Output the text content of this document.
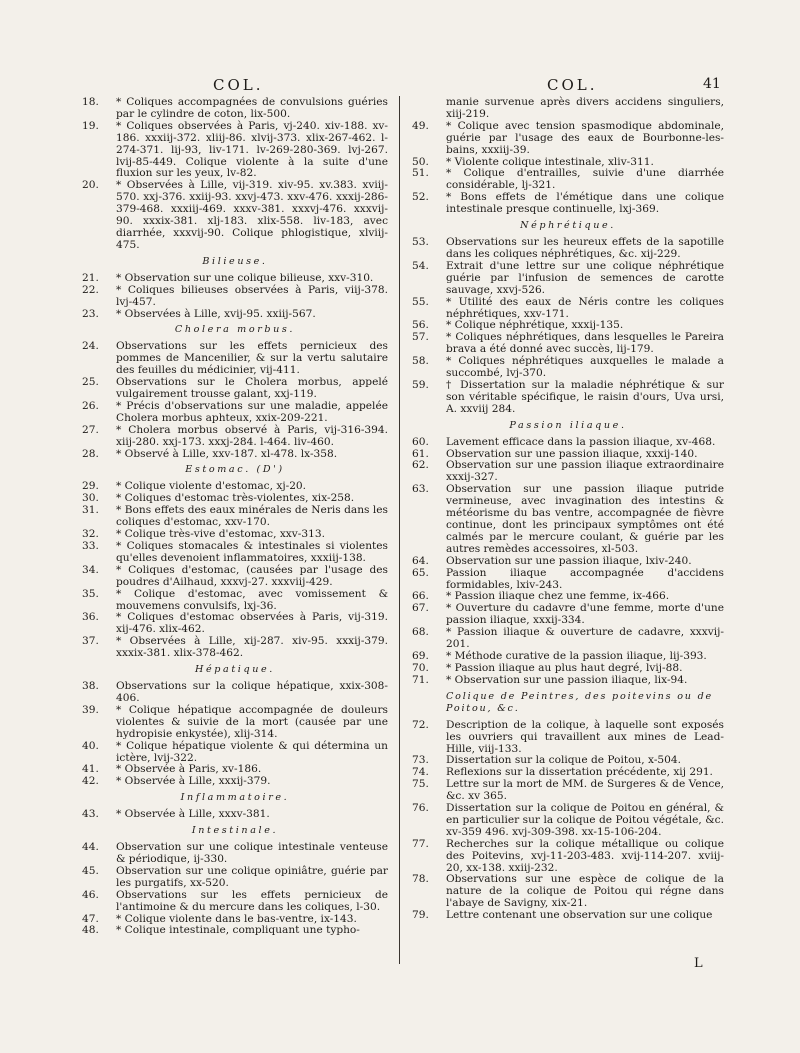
COL.	COL.	41
18. * Coliques accompagnées de convulsions guéries par le cylindre de coton, lix-500.
19. * Coliques observées à Paris, vj-240. xiv-188. xv-186. xxxiij-372. xliij-86. xlvij-373. xlix-267-462. l-274-371. lij-93, liv-171. lv-269-280-369. lvj-267. lvij-85-449. Colique violente à la suite d'une fluxion sur les yeux, lv-82.
20. * Observées à Lille, vij-319. xiv-95. xv.383. xviij-570. xxj-376. xxiij-93. xxvj-473. xxv-476. xxxij-286-379-468. xxxiij-469. xxxv-381. xxxvj-476. xxxvij-90. xxxix-381. xlj-183. xlix-558. liv-183, avec diarrhée, xxxvij-90. Colique phlogistique, xlviij-475.
Bilieuse.
21. * Observation sur une colique bilieuse, xxv-310.
22. * Coliques bilieuses observées à Paris, viij-378. lvj-457.
23. * Observées à Lille, xvij-95. xxiij-567.
Cholera morbus.
24. Observations sur les effets pernicieux des pommes de Mancenilier, & sur la vertu salutaire des feuilles du médicinier, vij-411.
25. Observations sur le Cholera morbus, appelé vulgairement trousse galant, xxj-119.
26. * Précis d'observations sur une maladie, appelée Cholera morbus aphteux, xxix-209-221.
27. * Cholera morbus observé à Paris, vij-316-394. xiij-280. xxj-173. xxxj-284. l-464. liv-460.
28. * Observé à Lille, xxv-187. xl-478. lx-358.
Estomac. (D')
29. * Colique violente d'estomac, xj-20.
30. * Coliques d'estomac très-violentes, xix-258.
31. * Bons effets des eaux minérales de Neris dans les coliques d'estomac, xxv-170.
32. * Colique très-vive d'estomac, xxv-313.
33. * Coliques stomacales & intestinales si violentes qu'elles devenoient inflammatoires, xxxiij-138.
34. * Coliques d'estomac, (causées par l'usage des poudres d'Ailhaud, xxxvj-27. xxxviij-429.
35. * Colique d'estomac, avec vomissement & mouvemens convulsifs, lxj-36.
36. * Coliques d'estomac observées à Paris, vij-319. xij-476. xlix-462.
37. * Observées à Lille, xij-287. xiv-95. xxxij-379. xxxix-381. xlix-378-462.
Hépatique.
38. Observations sur la colique hépatique, xxix-308-406.
39. * Colique hépatique accompagnée de douleurs violentes & suivie de la mort (causée par une hydropisie enkystée), xlij-314.
40. * Colique hépatique violente & qui détermina un ictère, lvij-322.
41. * Observée à Paris, xv-186.
42. * Observée à Lille, xxxij-379.
Inflammatoire.
43. * Observée à Lille, xxxv-381.
Intestinale.
44. Observation sur une colique intestinale venteuse & périodique, ij-330.
45. Observation sur une colique opiniâtre, guérie par les purgatifs, xx-520.
46. Observations sur les effets pernicieux de l'antimoine & du mercure dans les coliques, l-30.
47. * Colique violente dans le bas-ventre, ix-143.
48. * Colique intestinale, compliquant une typho-
manie survenue après divers accidens singuliers, xiij-219.
49. * Colique avec tension spasmodique abdominale, guérie par l'usage des eaux de Bourbonne-les-bains, xxxiij-39.
50. * Violente colique intestinale, xliv-311.
51. * Colique d'entrailles, suivie d'une diarrhée considérable, lj-321.
52. * Bons effets de l'émétique dans une colique intestinale presque continuelle, lxj-369.
Néphrétique.
53. Observations sur les heureux effets de la sapotille dans les coliques néphrétiques, &c. xij-229.
54. Extrait d'une lettre sur une colique néphrétique guérie par l'infusion de semences de carotte sauvage, xxvj-526.
55. * Utilité des eaux de Néris contre les coliques néphrétiques, xxv-171.
56. * Colique néphrétique, xxxij-135.
57. * Coliques néphrétiques, dans lesquelles le Pareira brava a été donné avec succès, lij-179.
58. * Coliques néphrétiques auxquelles le malade a succombé, lvj-370.
59. † Dissertation sur la maladie néphrétique & sur son véritable spécifique, le raisin d'ours, Uva ursi, A. xxviij 284.
Passion iliaque.
60. Lavement efficace dans la passion iliaque, xv-468.
61. Observation sur une passion iliaque, xxxij-140.
62. Observation sur une passion iliaque extraordinaire xxxij-327.
63. Observation sur une passion iliaque putride vermineuse, avec invagination des intestins & météorisme du bas ventre, accompagnée de fièvre continue, dont les principaux symptômes ont été calmés par le mercure coulant, & guérie par les autres remèdes accessoires, xl-503.
64. Observation sur une passion iliaque, lxiv-240.
65. Passion iliaque accompagnée d'accidens formidables, lxiv-243.
66. * Passion iliaque chez une femme, ix-466.
67. * Ouverture du cadavre d'une femme, morte d'une passion iliaque, xxxij-334.
68. * Passion iliaque & ouverture de cadavre, xxxvij-201.
69. * Méthode curative de la passion iliaque, lij-393.
70. * Passion iliaque au plus haut degré, lvij-88.
71. * Observation sur une passion iliaque, lix-94.
Colique de Peintres, des poitevins ou de Poitou, &c.
72. Description de la colique, à laquelle sont exposés les ouvriers qui travaillent aux mines de Lead-Hille, viij-133.
73. Dissertation sur la colique de Poitou, x-504.
74. Reflexions sur la dissertation précédente, xij 291.
75. Lettre sur la mort de MM. de Surgeres & de Vence, &c. xv 365.
76. Dissertation sur la colique de Poitou en général, & en particulier sur la colique de Poitou végétale, &c. xv-359 496. xvj-309-398. xx-15-106-204.
77. Recherches sur la colique métallique ou colique des Poitevins, xvj-11-203-483. xvij-114-207. xviij-20, xx-138. xxiij-232.
78. Observations sur une espèce de colique de la nature de la colique de Poitou qui régne dans l'abaye de Savigny, xix-21.
79. Lettre contenant une observation sur une colique
L
